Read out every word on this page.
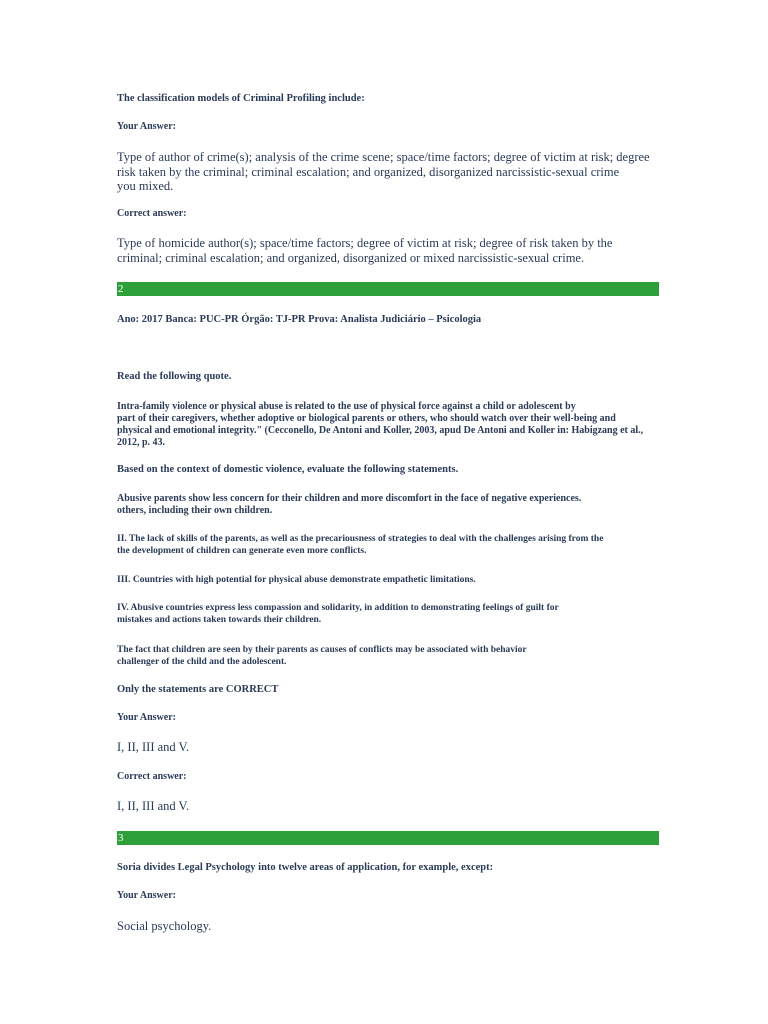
The classification models of Criminal Profiling include:

Your Answer:

Type of author of crime(s); analysis of the crime scene; space/time factors; degree of victim at risk; degree
risk taken by the criminal; criminal escalation; and organized, disorganized narcissistic-sexual crime
you mixed.

Correct answer:

Type of homicide author(s); space/time factors; degree of victim at risk; degree of risk taken by the
criminal; criminal escalation; and organized, disorganized or mixed narcissistic-sexual crime.

2

Ano: 2017 Banca: PUC-PR Órgão: TJ-PR Prova: Analista Judiciário – Psicologia

Read the following quote.

Intra-family violence or physical abuse is related to the use of physical force against a child or adolescent by
part of their caregivers, whether adoptive or biological parents or others, who should watch over their well-being and
physical and emotional integrity." (Cecconello, De Antoni and Koller, 2003, apud De Antoni and Koller in: Habigzang et al.,
2012, p. 43.

Based on the context of domestic violence, evaluate the following statements.

Abusive parents show less concern for their children and more discomfort in the face of negative experiences.
others, including their own children.

II. The lack of skills of the parents, as well as the precariousness of strategies to deal with the challenges arising from the
the development of children can generate even more conflicts.

III. Countries with high potential for physical abuse demonstrate empathetic limitations.

IV. Abusive countries express less compassion and solidarity, in addition to demonstrating feelings of guilt for
mistakes and actions taken towards their children.

The fact that children are seen by their parents as causes of conflicts may be associated with behavior
challenger of the child and the adolescent.

Only the statements are CORRECT

Your Answer:

I, II, III and V.

Correct answer:

I, II, III and V.

3

Soria divides Legal Psychology into twelve areas of application, for example, except:

Your Answer:

Social psychology.
